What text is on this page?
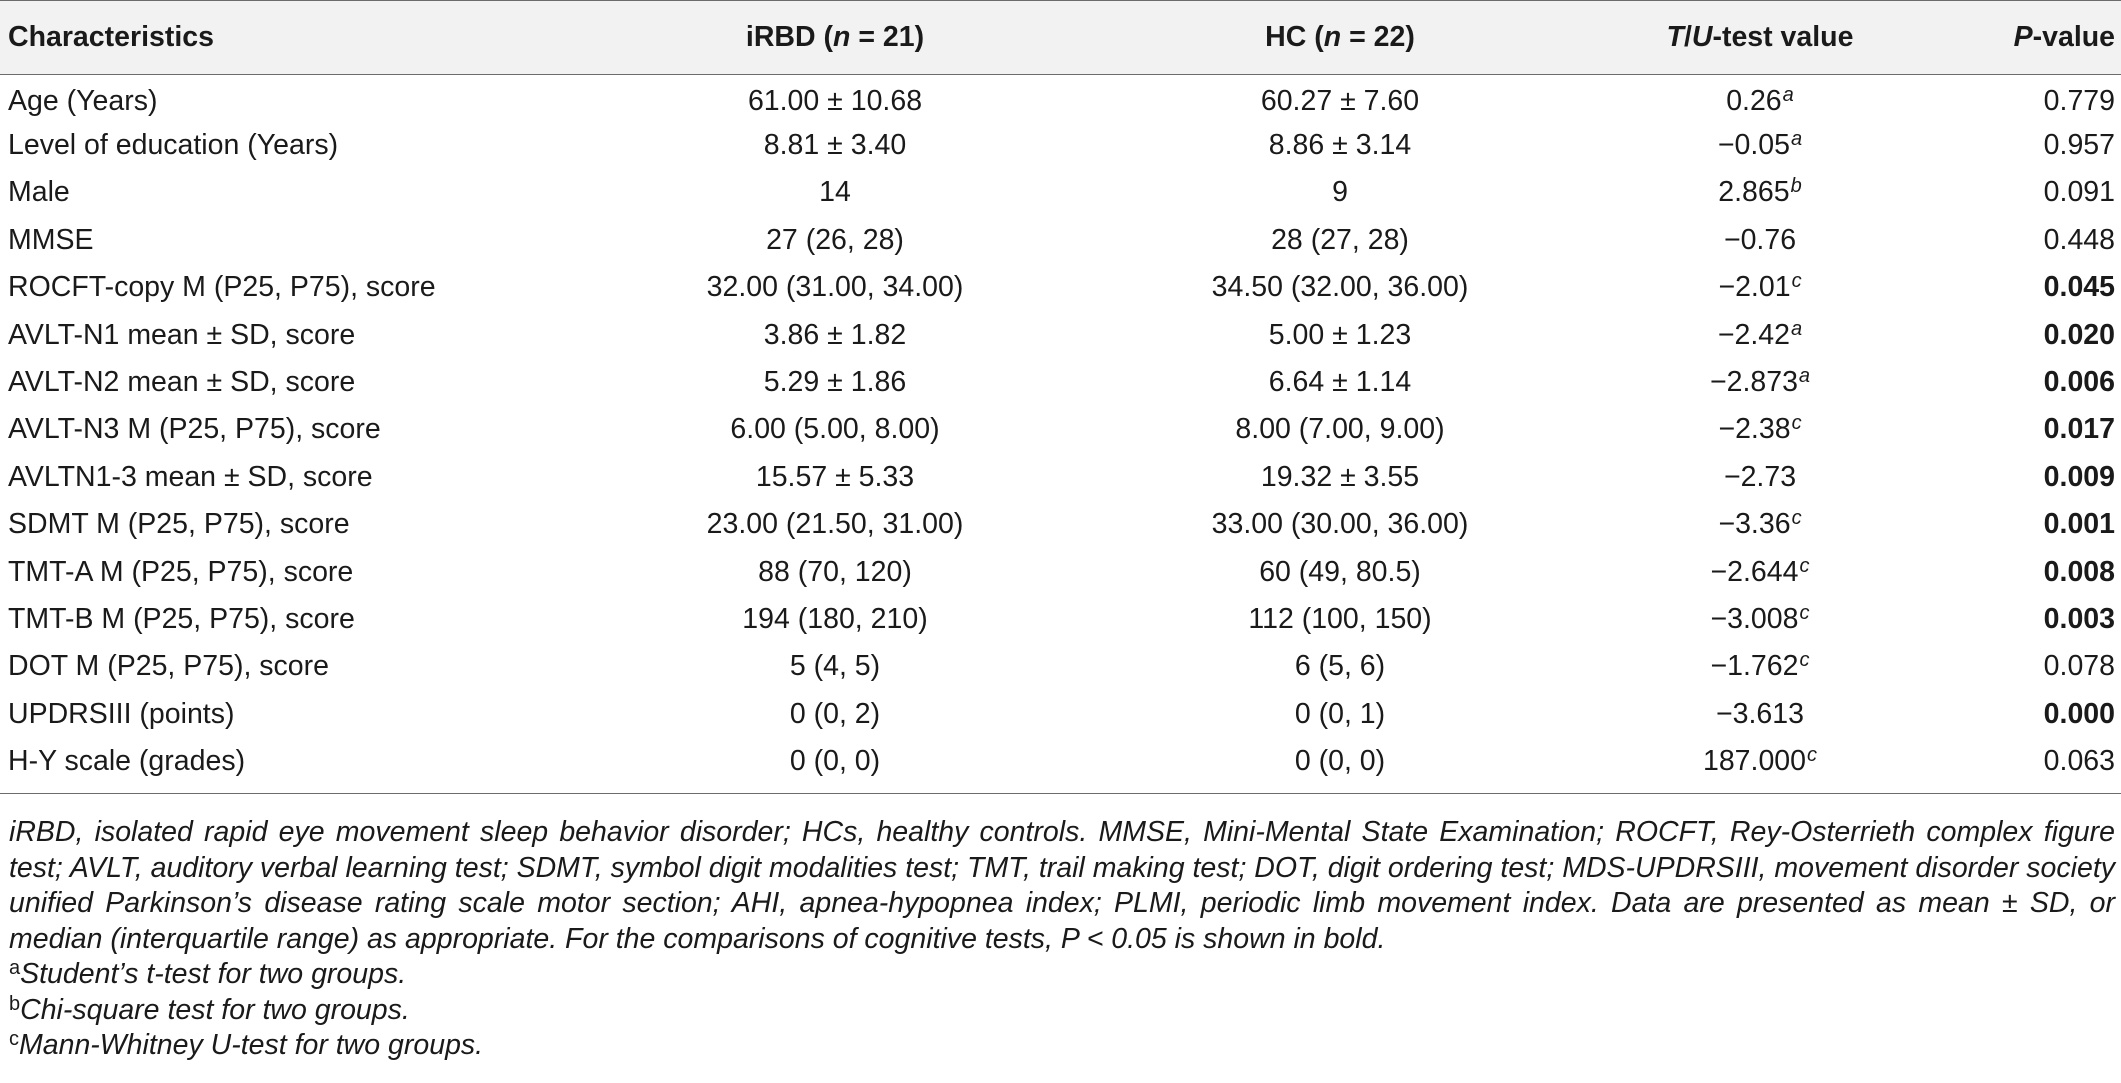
Characteristics	iRBD (n = 21)	HC (n = 22)	T/U-test value	P-value
Age (Years)	61.00 ± 10.68	60.27 ± 7.60	0.26$^a$	0.779
Level of education (Years)	8.81 ± 3.40	8.86 ± 3.14	−0.05$^a$	0.957
Male	14	9	2.865$^b$	0.091
MMSE	27 (26, 28)	28 (27, 28)	−0.76	0.448
ROCFT-copy M (P25, P75), score	32.00 (31.00, 34.00)	34.50 (32.00, 36.00)	−2.01$^c$	0.045
AVLT-N1 mean ± SD, score	3.86 ± 1.82	5.00 ± 1.23	−2.42$^a$	0.020
AVLT-N2 mean ± SD, score	5.29 ± 1.86	6.64 ± 1.14	−2.873$^a$	0.006
AVLT-N3 M (P25, P75), score	6.00 (5.00, 8.00)	8.00 (7.00, 9.00)	−2.38$^c$	0.017
AVLTN1-3 mean ± SD, score	15.57 ± 5.33	19.32 ± 3.55	−2.73	0.009
SDMT M (P25, P75), score	23.00 (21.50, 31.00)	33.00 (30.00, 36.00)	−3.36$^c$	0.001
TMT-A M (P25, P75), score	88 (70, 120)	60 (49, 80.5)	−2.644$^c$	0.008
TMT-B M (P25, P75), score	194 (180, 210)	112 (100, 150)	−3.008$^c$	0.003
DOT M (P25, P75), score	5 (4, 5)	6 (5, 6)	−1.762$^c$	0.078
UPDRSIII (points)	0 (0, 2)	0 (0, 1)	−3.613	0.000
H-Y scale (grades)	0 (0, 0)	0 (0, 0)	187.000$^c$	0.063
iRBD, isolated rapid eye movement sleep behavior disorder; HCs, healthy controls. MMSE, Mini-Mental State Examination; ROCFT, Rey-Osterrieth complex figure test; AVLT, auditory verbal learning test; SDMT, symbol digit modalities test; TMT, trail making test; DOT, digit ordering test; MDS-UPDRSIII, movement disorder society unified Parkinson’s disease rating scale motor section; AHI, apnea-hypopnea index; PLMI, periodic limb movement index. Data are presented as mean ± SD, or median (interquartile range) as appropriate. For the comparisons of cognitive tests, P < 0.05 is shown in bold.
$^a$Student’s t-test for two groups.
$^b$Chi-square test for two groups.
$^c$Mann-Whitney U-test for two groups.
